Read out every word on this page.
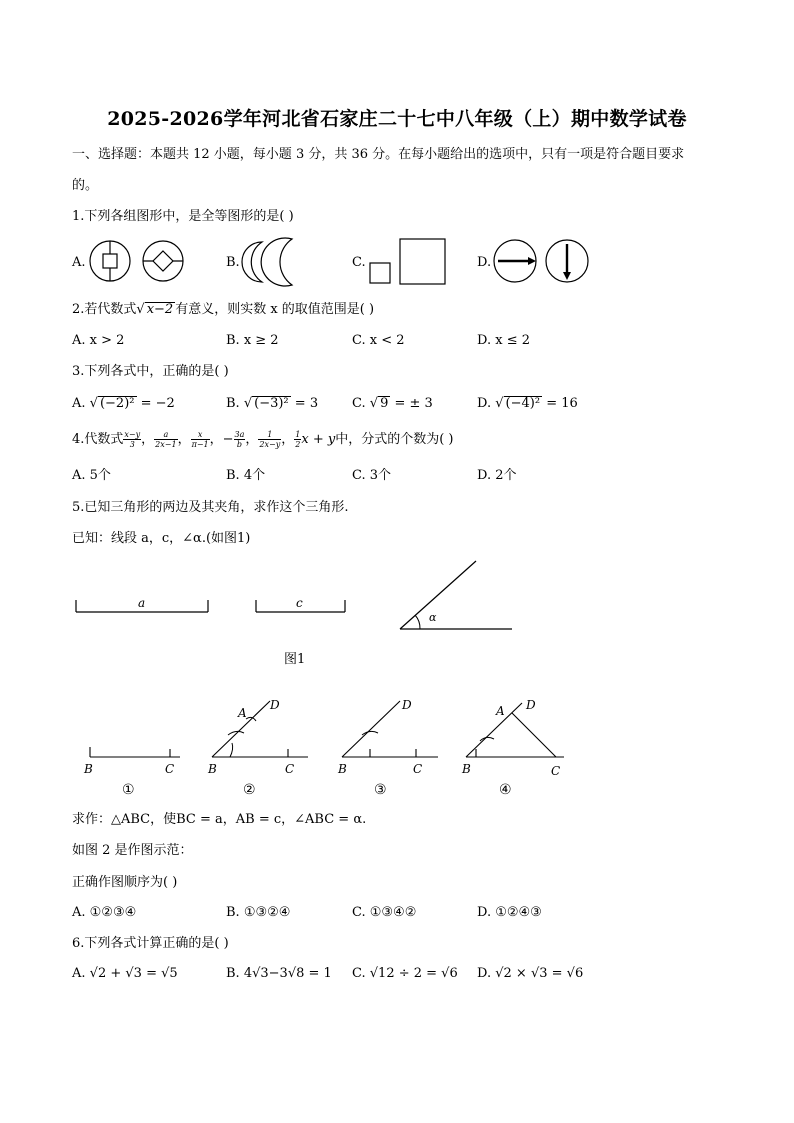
2025-2026学年河北省石家庄二十七中八年级（上）期中数学试卷
一、选择题：本题共 12 小题，每小题 3 分，共 36 分。在每小题给出的选项中，只有一项是符合题目要求
的。
1.下列各组图形中，是全等图形的是( )
A.	B.	C.	D.
2.若代数式√ x−2 有意义，则实数 x 的取值范围是( )
A. x > 2	B. x ≥ 2	C. x < 2	D. x ≤ 2
3.下列各式中，正确的是( )
A. √ (−2)² = −2	B. √ (−3)² = 3	C. √ 9 = ± 3	D. √ (−4)² = 16
4.代数式 $\frac{x-y}{3}$ ， $\frac{a}{2x-1}$ ， $\frac{x}{\pi-1}$ ，− $\frac{3a}{b}$ ， $\frac{1}{2x-y}$ ， $\frac{1}{2}$ x + y中，分式的个数为( )
A. 5个	B. 4个	C. 3个	D. 2个
5.已知三角形的两边及其夹角，求作这个三角形.
已知：线段 a，c，∠α.(如图1)
a	c
α
图1
B	C	B	C
A
D
B	C
D
B	C
A D
①	②	③	④
求作：△ABC，使BC = a，AB = c，∠ABC = α.
如图 2 是作图示范：
正确作图顺序为( )
A. ①②③④	B. ①③②④	C. ①③④②	D. ①②④③
6.下列各式计算正确的是( )
A. √2 + √3 = √5	B. 4√3−3√8 = 1 C. √12 ÷ 2 = √6 D. √2 × √3 = √6
